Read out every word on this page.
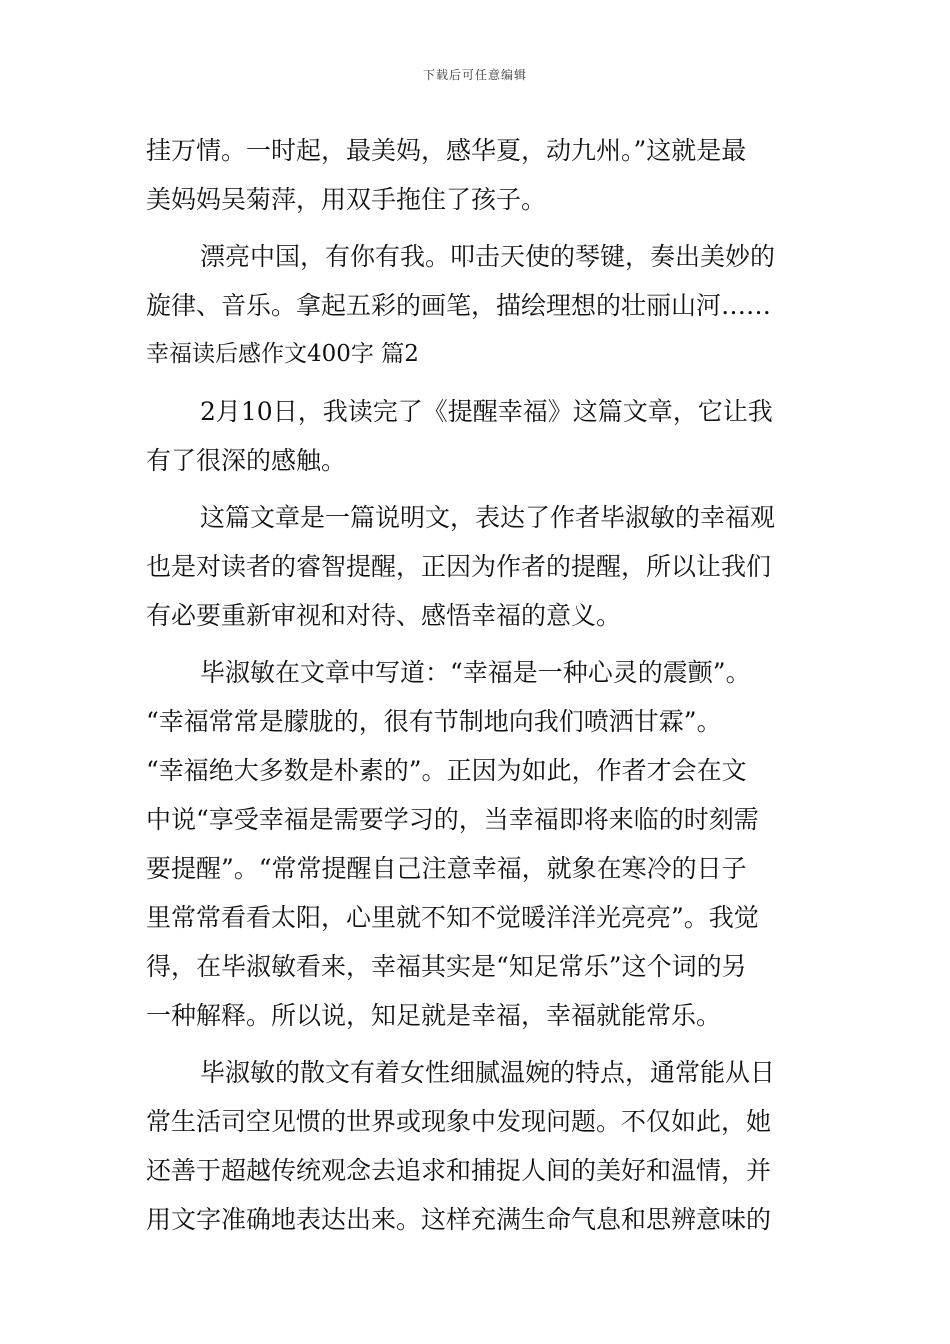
下载后可任意编辑
挂万情。一时起，最美妈，感华夏，动九州。”这就是最
美妈妈吴菊萍，用双手拖住了孩子。
漂亮中国，有你有我。叩击天使的琴键，奏出美妙的
旋律、音乐。拿起五彩的画笔，描绘理想的壮丽山河……
幸福读后感作文400字 篇2
2月10日，我读完了《提醒幸福》这篇文章，它让我
有了很深的感触。
这篇文章是一篇说明文，表达了作者毕淑敏的幸福观
也是对读者的睿智提醒，正因为作者的提醒，所以让我们
有必要重新审视和对待、感悟幸福的意义。
毕淑敏在文章中写道：“幸福是一种心灵的震颤”。
“幸福常常是朦胧的，很有节制地向我们喷洒甘霖”。
“幸福绝大多数是朴素的”。正因为如此，作者才会在文
中说“享受幸福是需要学习的，当幸福即将来临的时刻需
要提醒”。“常常提醒自己注意幸福，就象在寒冷的日子
里常常看看太阳，心里就不知不觉暖洋洋光亮亮”。我觉
得，在毕淑敏看来，幸福其实是“知足常乐”这个词的另
一种解释。所以说，知足就是幸福，幸福就能常乐。
毕淑敏的散文有着女性细腻温婉的特点，通常能从日
常生活司空见惯的世界或现象中发现问题。不仅如此，她
还善于超越传统观念去追求和捕捉人间的美好和温情，并
用文字准确地表达出来。这样充满生命气息和思辨意味的
